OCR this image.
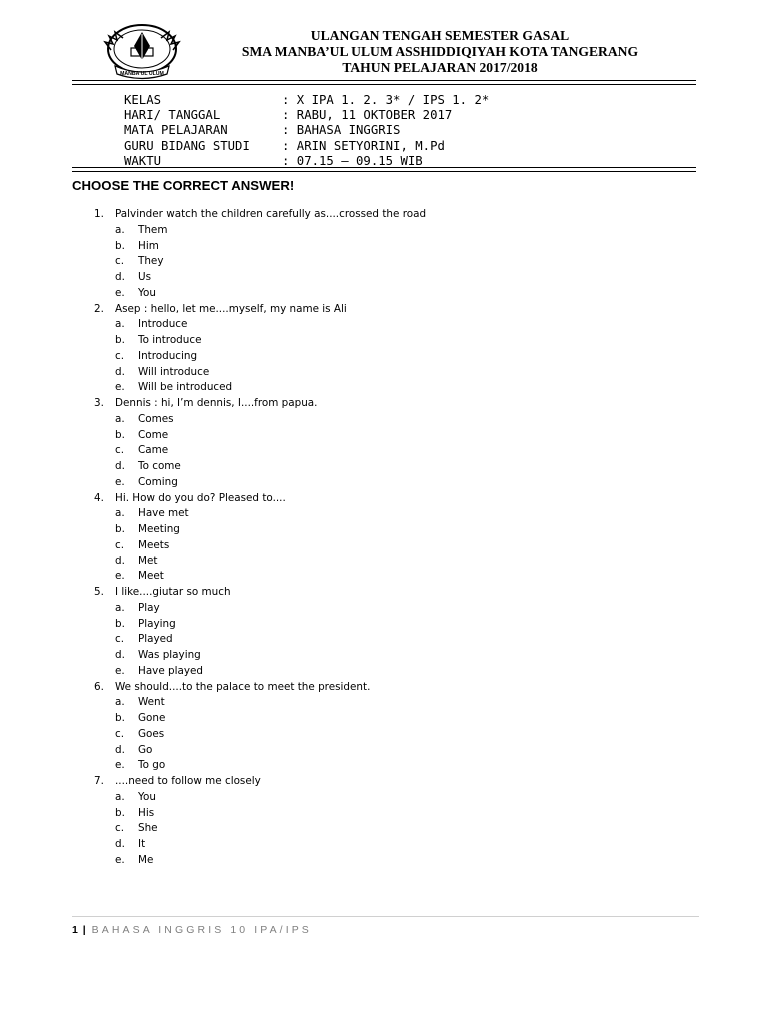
MANBA'UL ULUM
ULANGAN TENGAH SEMESTER GASAL
SMA MANBA’UL ULUM ASSHIDDIQIYAH KOTA TANGERANG
TAHUN PELAJARAN 2017/2018
KELAS	: X IPA 1. 2. 3* / IPS 1. 2*
HARI/ TANGGAL	: RABU, 11 OKTOBER 2017
MATA PELAJARAN	: BAHASA INGGRIS
GURU BIDANG STUDI	: ARIN SETYORINI, M.Pd
WAKTU	: 07.15 – 09.15 WIB
CHOOSE THE CORRECT ANSWER!
1.	Palvinder watch the children carefully as....crossed the road
a.	Them
b.	Him
c.	They
d.	Us
e.	You
2.	Asep : hello, let me....myself, my name is Ali
a.	Introduce
b.	To introduce
c.	Introducing
d.	Will introduce
e.	Will be introduced
3.	Dennis : hi, I’m dennis, I....from papua.
a.	Comes
b.	Come
c.	Came
d.	To come
e.	Coming
4.	Hi. How do you do? Pleased to....
a.	Have met
b.	Meeting
c.	Meets
d.	Met
e.	Meet
5.	I like....giutar so much
a.	Play
b.	Playing
c.	Played
d.	Was playing
e.	Have played
6.	We should....to the palace to meet the president.
a.	Went
b.	Gone
c.	Goes
d.	Go
e.	To go
7.	....need to follow me closely
a.	You
b.	His
c.	She
d.	It
e.	Me
1 | BAHASA INGGRIS 10 IPA/IPS
